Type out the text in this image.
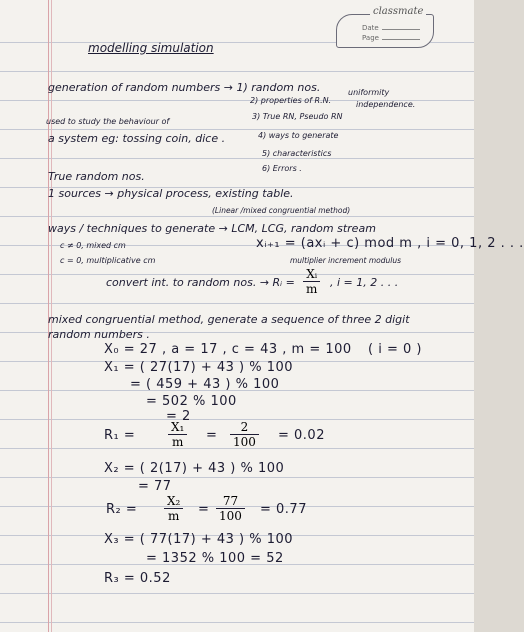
classmate
Date
Page
modelling simulation
generation of random numbers → 1) random nos.
2) properties of R.N.
uniformity
independence.
used to study the behaviour of
3) True RN, Pseudo RN
a system eg: tossing coin, dice .	4) ways to generate
5) characteristics
6) Errors .
True random nos.
1 sources → physical process, existing table.
(Linear /mixed congruential method)
ways / techniques to generate → LCM, LCG, random stream
c ≠ 0, mixed cm	xᵢ₊₁ = (axᵢ + c) mod m , i = 0, 1, 2 . . .
c = 0, multiplicative cm	multiplier increment modulus
convert int. to random nos. → Rᵢ = $\frac{\text{Xᵢ}}{m}$ , i = 1, 2 . . .
mixed congruential method, generate a sequence of three 2 digit
random numbers .
X₀ = 27 , a = 17 , c = 43 , m = 100 ( i = 0 )
X₁ = ( 27(17) + 43 ) % 100
= ( 459 + 43 ) % 100
= 502 % 100
= 2
R₁ =	$\frac{\text{X₁}}{m} = \frac{2}{100} = 0.02$
X₂ = ( 2(17) + 43 ) % 100
= 77
$R_2 = \frac{\text{X₂}}{m} = \frac{77}{100} = 0.77$
X₃ = ( 77(17) + 43 ) % 100
= 1352 % 100 = 52
R₃ = 0.52
